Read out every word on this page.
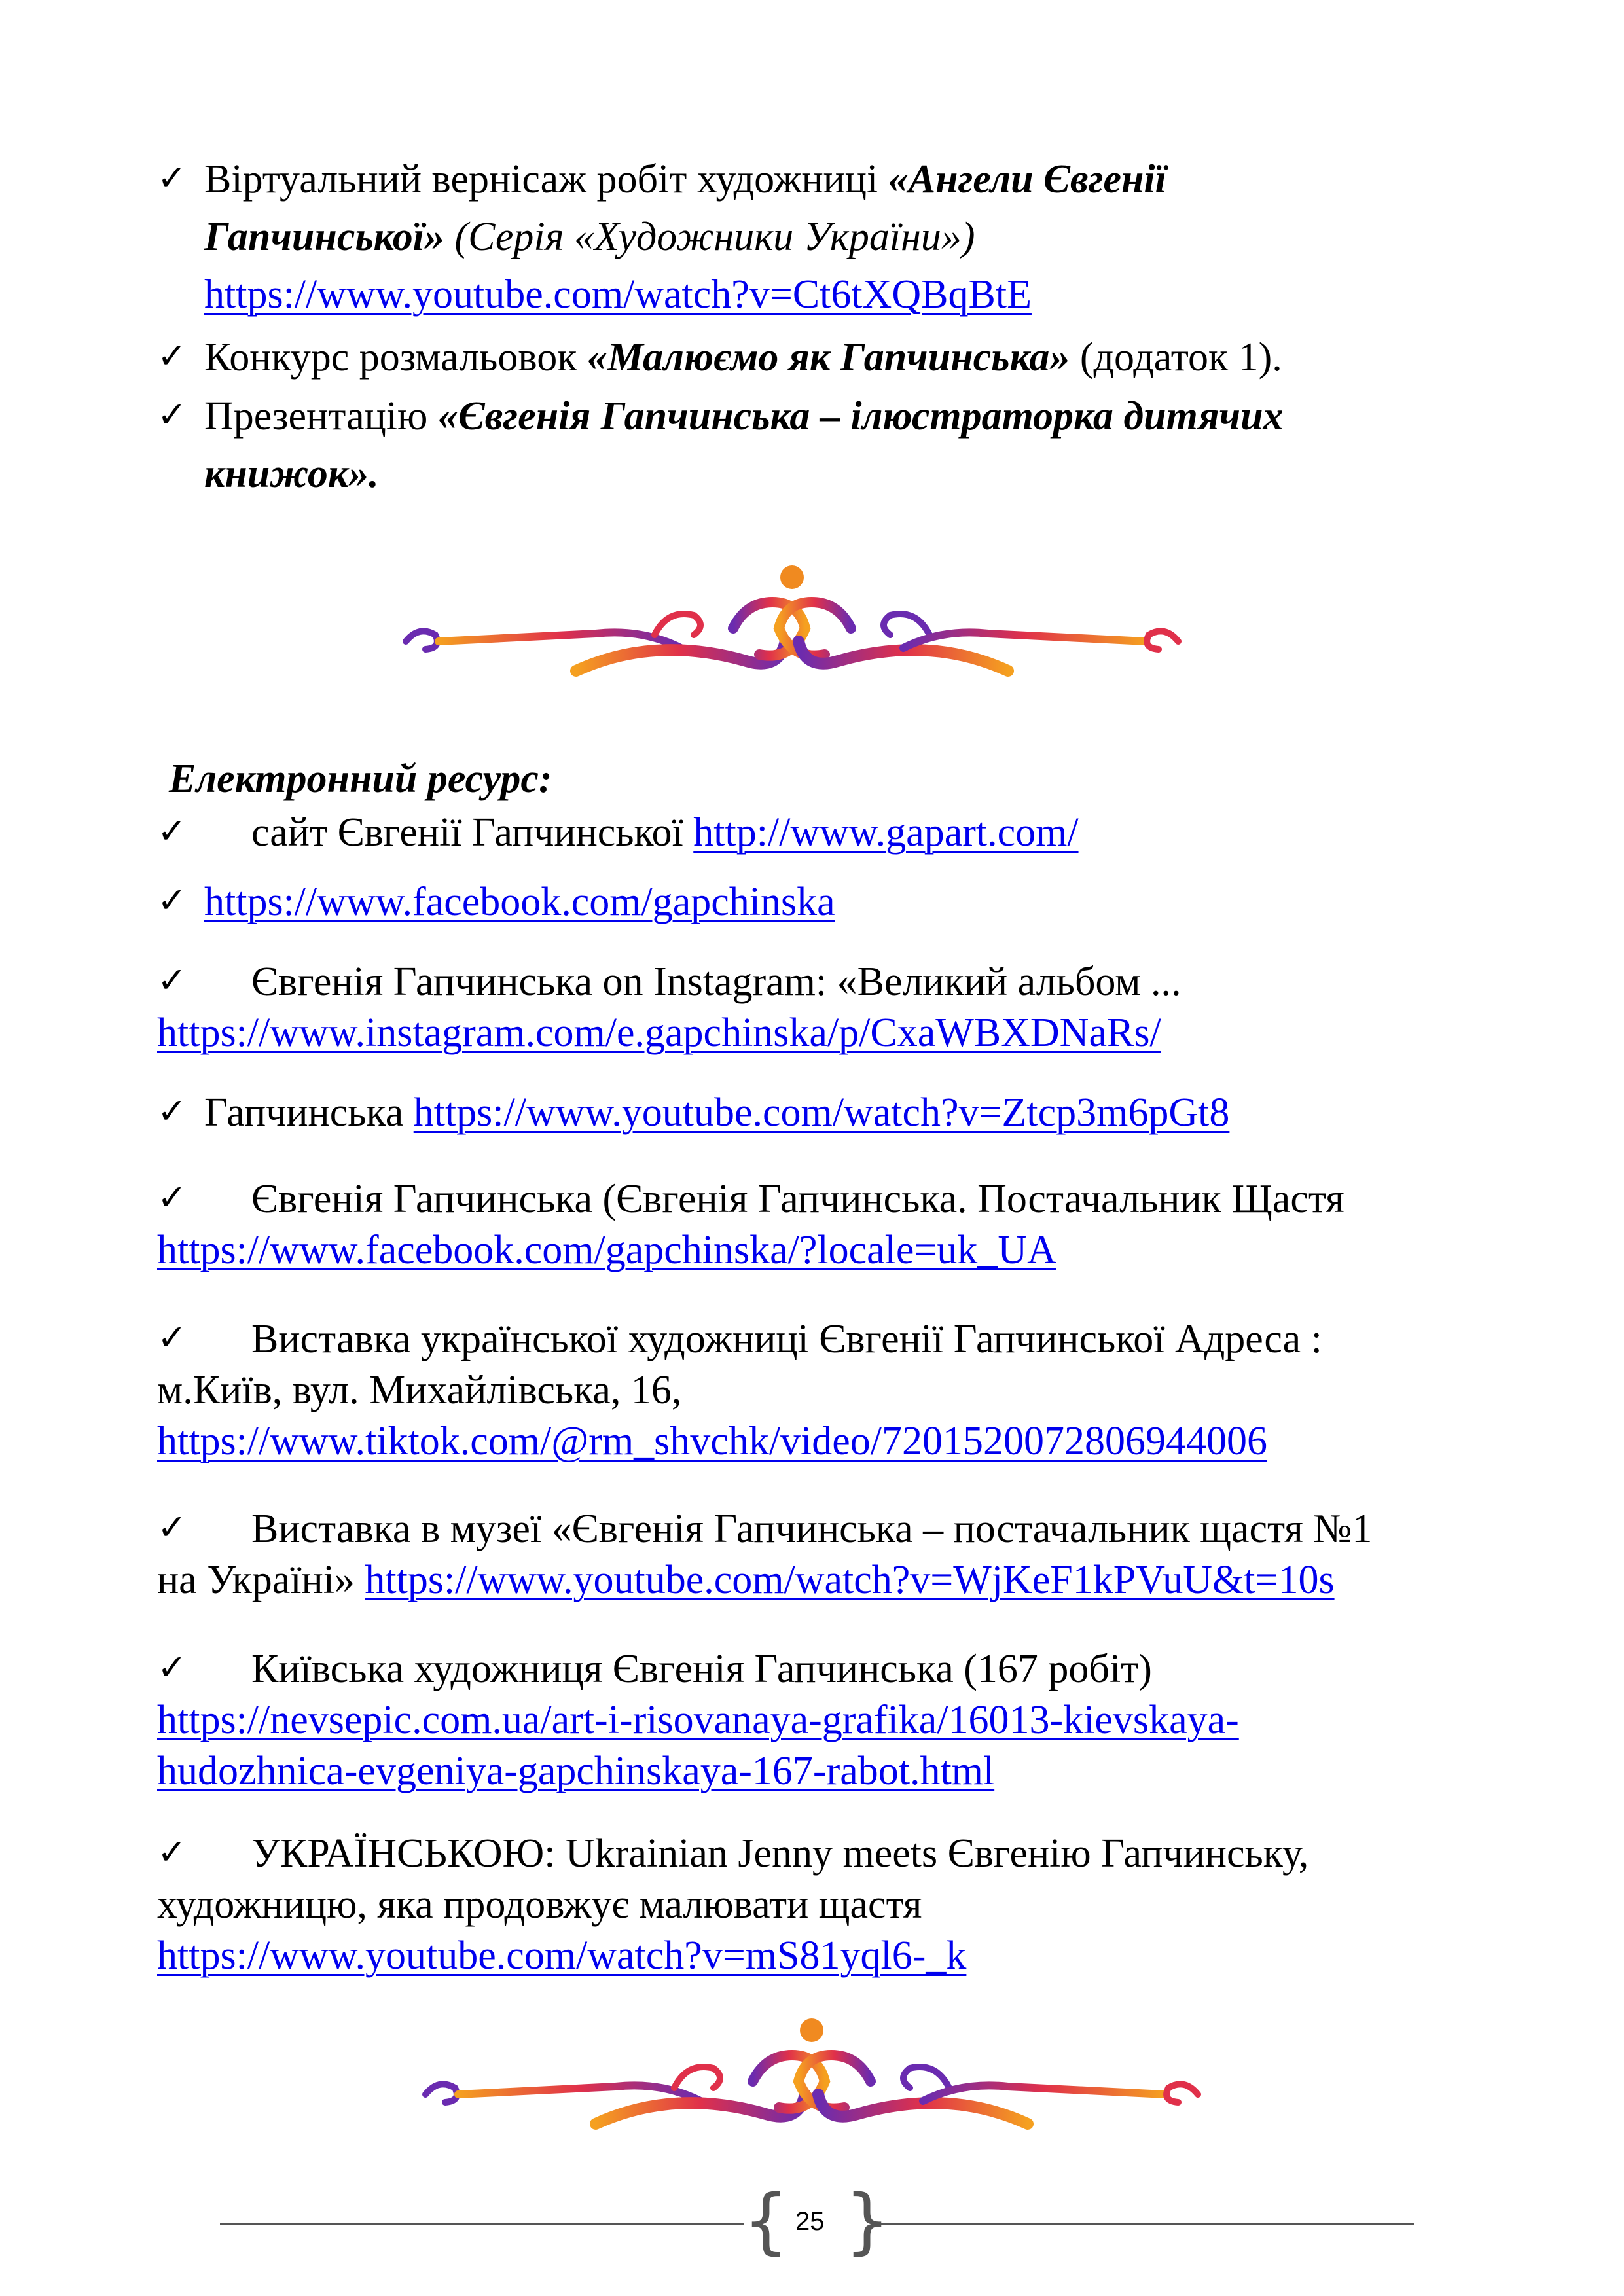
✓ Віртуальний вернісаж робіт художниці «Ангели Євгенії
Гапчинської» (Серія «Художники України»)
https://www.youtube.com/watch?v=Ct6tXQBqBtE
✓ Конкурс розмальовок «Малюємо як Гапчинська» (додаток 1).
✓ Презентацію «Євгенія Гапчинська – ілюстраторка дитячих
книжок».
Електронний ресурс:
✓ сайт Євгенії Гапчинської http://www.gapart.com/
✓ https://www.facebook.com/gapchinska
✓ Євгенія Гапчинська on Instagram: «Великий альбом ...
https://www.instagram.com/e.gapchinska/p/CxaWBXDNaRs/
✓ Гапчинська https://www.youtube.com/watch?v=Ztcp3m6pGt8
✓ Євгенія Гапчинська (Євгенія Гапчинська. Постачальник Щастя
https://www.facebook.com/gapchinska/?locale=uk_UA
✓ Виставка української художниці Євгенії Гапчинської Адреса :
м.Київ, вул. Михайлівська, 16,
https://www.tiktok.com/@rm_shvchk/video/7201520072806944006
✓ Виставка в музеї «Євгенія Гапчинська – постачальник щастя №1
на Україні» https://www.youtube.com/watch?v=WjKeF1kPVuU&t=10s
✓ Київська художниця Євгенія Гапчинська (167 робіт)
https://nevsepic.com.ua/art-i-risovanaya-grafika/16013-kievskaya-
hudozhnica-evgeniya-gapchinskaya-167-rabot.html
✓ УКРАЇНСЬКОЮ: Ukrainian Jenny meets Євгенію Гапчинську,
художницю, яка продовжує малювати щастя
https://www.youtube.com/watch?v=mS81yql6-_k
{ }
25
